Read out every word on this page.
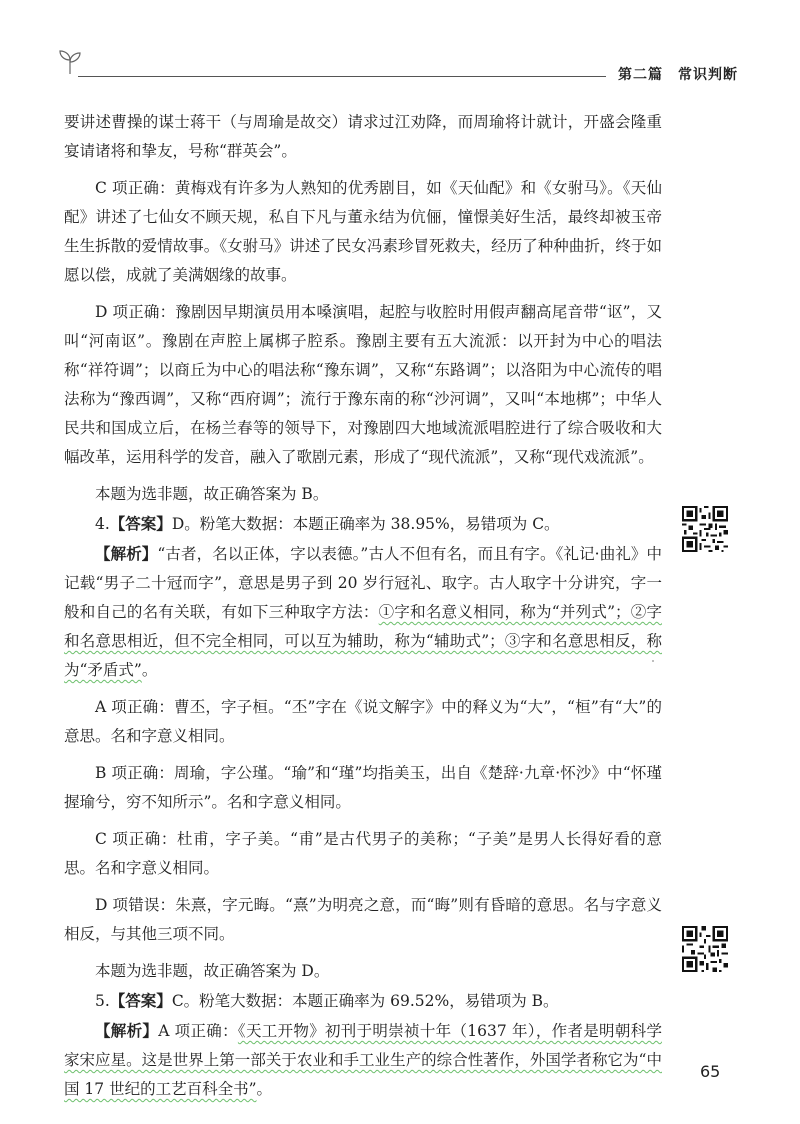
第二篇　常识判断

要讲述曹操的谋士蒋干（与周瑜是故交）请求过江劝降，而周瑜将计就计，开盛会隆重宴请诸将和挚友，号称“群英会”。

C 项正确：黄梅戏有许多为人熟知的优秀剧目，如《天仙配》和《女驸马》。《天仙配》讲述了七仙女不顾天规，私自下凡与董永结为伉俪，憧憬美好生活，最终却被玉帝生生拆散的爱情故事。《女驸马》讲述了民女冯素珍冒死救夫，经历了种种曲折，终于如愿以偿，成就了美满姻缘的故事。

D 项正确：豫剧因早期演员用本嗓演唱，起腔与收腔时用假声翻高尾音带“讴”，又叫“河南讴”。豫剧在声腔上属梆子腔系。豫剧主要有五大流派：以开封为中心的唱法称“祥符调”；以商丘为中心的唱法称“豫东调”，又称“东路调”；以洛阳为中心流传的唱法称为“豫西调”，又称“西府调”；流行于豫东南的称“沙河调”，又叫“本地梆”；中华人民共和国成立后，在杨兰春等的领导下，对豫剧四大地域流派唱腔进行了综合吸收和大幅改革，运用科学的发音，融入了歌剧元素，形成了“现代流派”，又称“现代戏流派”。

本题为选非题，故正确答案为 B。

4.【答案】D。粉笔大数据：本题正确率为 38.95%，易错项为 C。

【解析】“古者，名以正体，字以表德。”古人不但有名，而且有字。《礼记·曲礼》中记载“男子二十冠而字”，意思是男子到 20 岁行冠礼、取字。古人取字十分讲究，字一般和自己的名有关联，有如下三种取字方法：①字和名意义相同，称为“并列式”；②字和名意思相近，但不完全相同，可以互为辅助，称为“辅助式”；③字和名意思相反，称为“矛盾式”。

A 项正确：曹丕，字子桓。“丕”字在《说文解字》中的释义为“大”，“桓”有“大”的意思。名和字意义相同。

B 项正确：周瑜，字公瑾。“瑜”和“瑾”均指美玉，出自《楚辞·九章·怀沙》中“怀瑾握瑜兮，穷不知所示”。名和字意义相同。

C 项正确：杜甫，字子美。“甫”是古代男子的美称；“子美”是男人长得好看的意思。名和字意义相同。

D 项错误：朱熹，字元晦。“熹”为明亮之意，而“晦”则有昏暗的意思。名与字意义相反，与其他三项不同。

本题为选非题，故正确答案为 D。

5.【答案】C。粉笔大数据：本题正确率为 69.52%，易错项为 B。

【解析】A 项正确：《天工开物》初刊于明崇祯十年（1637 年），作者是明朝科学家宋应星。这是世界上第一部关于农业和手工业生产的综合性著作，外国学者称它为“中国 17 世纪的工艺百科全书”。

65
